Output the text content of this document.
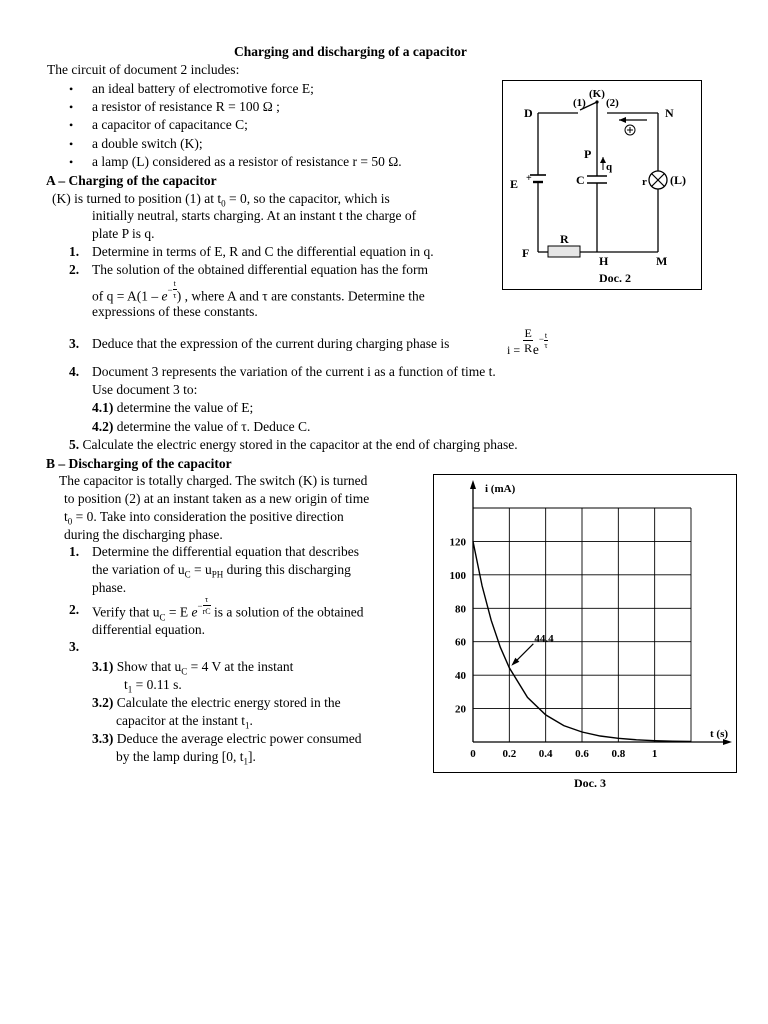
Charging and discharging of a capacitor
The circuit of document 2 includes:
• an ideal battery of electromotive force E;
• a resistor of resistance R = 100 Ω ;
• a capacitor of capacitance C;
• a double switch (K);
• a lamp (L) considered as a resistor of resistance r = 50 Ω.
A – Charging of the capacitor
(K) is turned to position (1) at $t_0 = 0$, so the capacitor, which is
initially neutral, starts charging. At an instant t the charge of
plate P is q.
1. Determine in terms of E, R and C the differential equation in q.
2. The solution of the obtained differential equation has the form
of $q = A(1 - e^- \frac{t}{\tau}$ ) , where A and τ are constants. Determine the
expressions of these constants.
3. Deduce that the expression of the current during charging phase is	$i = \frac{E}{R} e- \frac{t}{\tau}$
4. Document 3 represents the variation of the current i as a function of time t.
Use document 3 to:
4.1) determine the value of E;
4.2) determine the value of τ. Deduce C.
5. Calculate the electric energy stored in the capacitor at the end of charging phase.
B – Discharging of the capacitor
The capacitor is totally charged. The switch (K) is turned
to position (2) at an instant taken as a new origin of time
$t_0 = 0$. Take into consideration the positive direction
during the discharging phase.
1. Determine the differential equation that describes
the variation of $u_C = u_{PH}$ during this discharging
phase.
2. Verify that $u_C = E$ $e^- \frac{\tau}{rC}$ is a solution of the obtained
differential equation.
3.
3.1) Show that $u_C = 4$ V at the instant
$t_1 = 0.11$ s.
3.2) Calculate the electric energy stored in the
capacitor at the instant $t_1$.
3.3) Deduce the average electric power consumed
by the lamp during [0, $t_1$].
D	N
F
H	M
(K)
(1) (2)
P
q
C
E +
R
r (L)
Doc. 2
i (mA)
t (s)
0 0.2 0.4 0.6 0.8 1
20
40
60
80
100
120
44.4
Doc. 3
